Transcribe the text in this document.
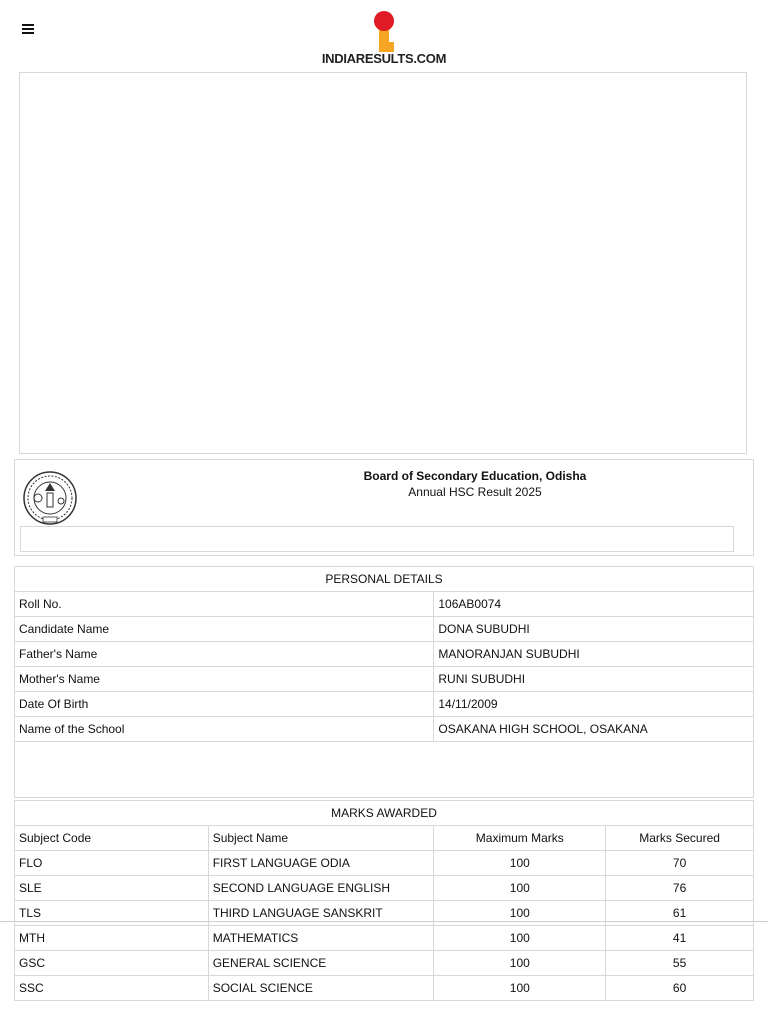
INDIARESULTS.COM
Board of Secondary Education, Odisha
Annual HSC Result 2025
PERSONAL DETAILS	
Roll No.	106AB0074
Candidate Name	DONA SUBUDHI
Father's Name	MANORANJAN SUBUDHI
Mother's Name	RUNI SUBUDHI
Date Of Birth	14/11/2009
Name of the School	OSAKANA HIGH SCHOOL, OSAKANA

MARKS AWARDED			
Subject Code	Subject Name	Maximum Marks	Marks Secured
FLO	FIRST LANGUAGE ODIA	100	70
SLE	SECOND LANGUAGE ENGLISH	100	76
TLS	THIRD LANGUAGE SANSKRIT	100	61
MTH	MATHEMATICS	100	41
GSC	GENERAL SCIENCE	100	55
SSC	SOCIAL SCIENCE	100	60
